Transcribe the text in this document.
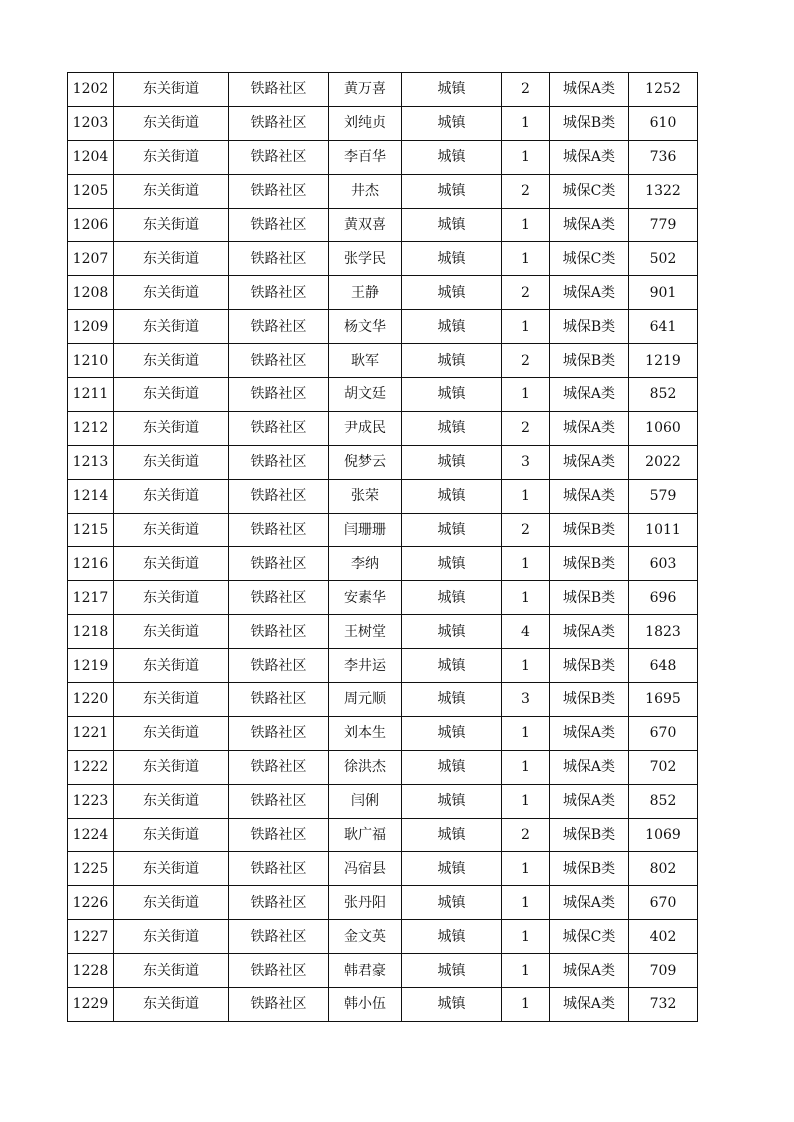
1202	东关街道	铁路社区	黄万喜	城镇	2	城保A类	1252
1203	东关街道	铁路社区	刘纯贞	城镇	1	城保B类	610
1204	东关街道	铁路社区	李百华	城镇	1	城保A类	736
1205	东关街道	铁路社区	井杰	城镇	2	城保C类	1322
1206	东关街道	铁路社区	黄双喜	城镇	1	城保A类	779
1207	东关街道	铁路社区	张学民	城镇	1	城保C类	502
1208	东关街道	铁路社区	王静	城镇	2	城保A类	901
1209	东关街道	铁路社区	杨文华	城镇	1	城保B类	641
1210	东关街道	铁路社区	耿军	城镇	2	城保B类	1219
1211	东关街道	铁路社区	胡文廷	城镇	1	城保A类	852
1212	东关街道	铁路社区	尹成民	城镇	2	城保A类	1060
1213	东关街道	铁路社区	倪梦云	城镇	3	城保A类	2022
1214	东关街道	铁路社区	张荣	城镇	1	城保A类	579
1215	东关街道	铁路社区	闫珊珊	城镇	2	城保B类	1011
1216	东关街道	铁路社区	李纳	城镇	1	城保B类	603
1217	东关街道	铁路社区	安素华	城镇	1	城保B类	696
1218	东关街道	铁路社区	王树堂	城镇	4	城保A类	1823
1219	东关街道	铁路社区	李井运	城镇	1	城保B类	648
1220	东关街道	铁路社区	周元顺	城镇	3	城保B类	1695
1221	东关街道	铁路社区	刘本生	城镇	1	城保A类	670
1222	东关街道	铁路社区	徐洪杰	城镇	1	城保A类	702
1223	东关街道	铁路社区	闫俐	城镇	1	城保A类	852
1224	东关街道	铁路社区	耿广福	城镇	2	城保B类	1069
1225	东关街道	铁路社区	冯宿县	城镇	1	城保B类	802
1226	东关街道	铁路社区	张丹阳	城镇	1	城保A类	670
1227	东关街道	铁路社区	金文英	城镇	1	城保C类	402
1228	东关街道	铁路社区	韩君豪	城镇	1	城保A类	709
1229	东关街道	铁路社区	韩小伍	城镇	1	城保A类	732
